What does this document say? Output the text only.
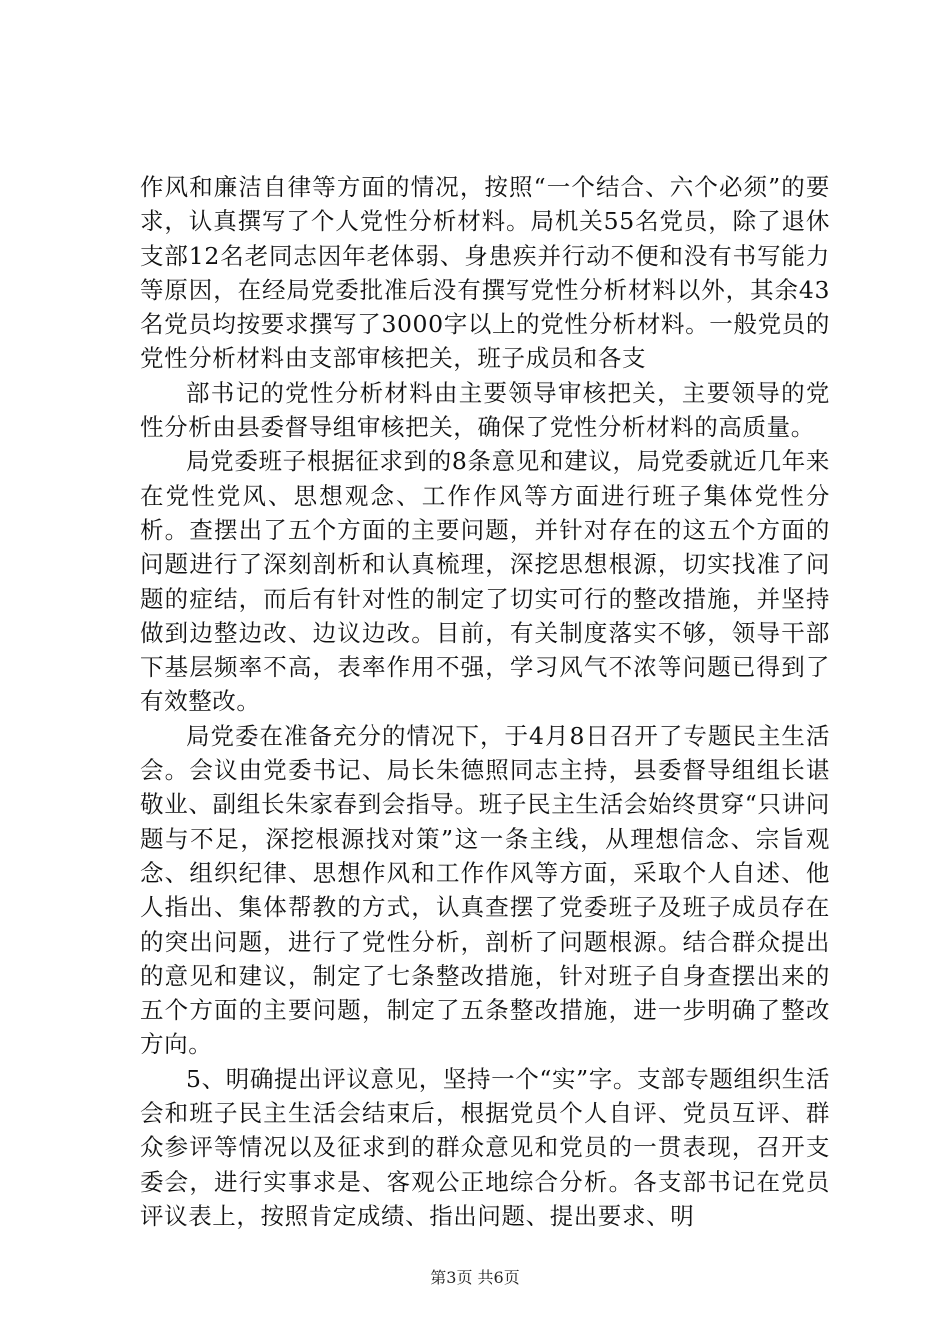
作风和廉洁自律等方面的情况，按照“一个结合、六个必须”的要求，认真撰写了个人党性分析材料。局机关55名党员，除了退休支部12名老同志因年老体弱、身患疾并行动不便和没有书写能力等原因，在经局党委批准后没有撰写党性分析材料以外，其余43名党员均按要求撰写了3000字以上的党性分析材料。一般党员的党性分析材料由支部审核把关，班子成员和各支

部书记的党性分析材料由主要领导审核把关，主要领导的党性分析由县委督导组审核把关，确保了党性分析材料的高质量。

局党委班子根据征求到的8条意见和建议，局党委就近几年来在党性党风、思想观念、工作作风等方面进行班子集体党性分析。查摆出了五个方面的主要问题，并针对存在的这五个方面的问题进行了深刻剖析和认真梳理，深挖思想根源，切实找准了问题的症结，而后有针对性的制定了切实可行的整改措施，并坚持做到边整边改、边议边改。目前，有关制度落实不够，领导干部下基层频率不高，表率作用不强，学习风气不浓等问题已得到了有效整改。

局党委在准备充分的情况下，于4月8日召开了专题民主生活会。会议由党委书记、局长朱德照同志主持，县委督导组组长谌敬业、副组长朱家春到会指导。班子民主生活会始终贯穿“只讲问题与不足，深挖根源找对策”这一条主线，从理想信念、宗旨观念、组织纪律、思想作风和工作作风等方面，采取个人自述、他人指出、集体帮教的方式，认真查摆了党委班子及班子成员存在的突出问题，进行了党性分析，剖析了问题根源。结合群众提出的意见和建议，制定了七条整改措施，针对班子自身查摆出来的五个方面的主要问题，制定了五条整改措施，进一步明确了整改方向。

5、明确提出评议意见，坚持一个“实”字。支部专题组织生活会和班子民主生活会结束后，根据党员个人自评、党员互评、群众参评等情况以及征求到的群众意见和党员的一贯表现，召开支委会，进行实事求是、客观公正地综合分析。各支部书记在党员评议表上，按照肯定成绩、指出问题、提出要求、明

第3页 共6页
